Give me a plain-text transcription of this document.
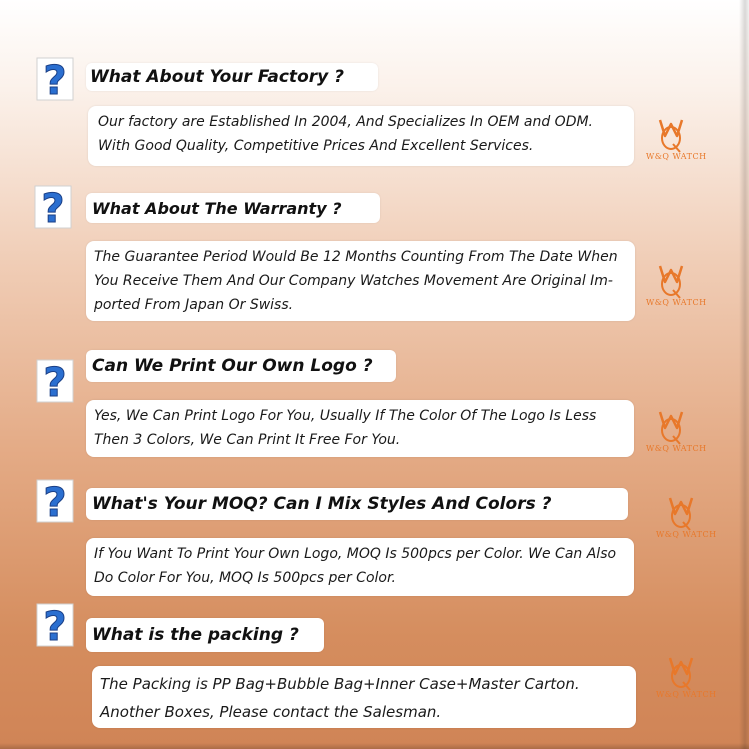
? What About Your Factory ?
Our factory are Established In 2004, And Specializes In OEM and ODM. With Good Quality, Competitive Prices And Excellent Services.
W&Q WATCH
?	What About The Warranty ?
The Guarantee Period Would Be 12 Months Counting From The Date When You Receive Them And Our Company Watches Movement Are Original Im-ported From Japan Or Swiss.	W&Q WATCH
?	Can We Print Our Own Logo ?
Yes, We Can Print Logo For You, Usually If The Color Of The Logo Is Less Then 3 Colors, We Can Print It Free For You.
W&Q WATCH
?	What's Your MOQ? Can I Mix Styles And Colors ?
If You Want To Print Your Own Logo, MOQ Is 500pcs per Color. We Can Also Do Color For You, MOQ Is 500pcs per Color.
W&Q WATCH
?	What is the packing ?
The Packing is PP Bag+Bubble Bag+Inner Case+Master Carton. Another Boxes, Please contact the Salesman.
W&Q WATCH
